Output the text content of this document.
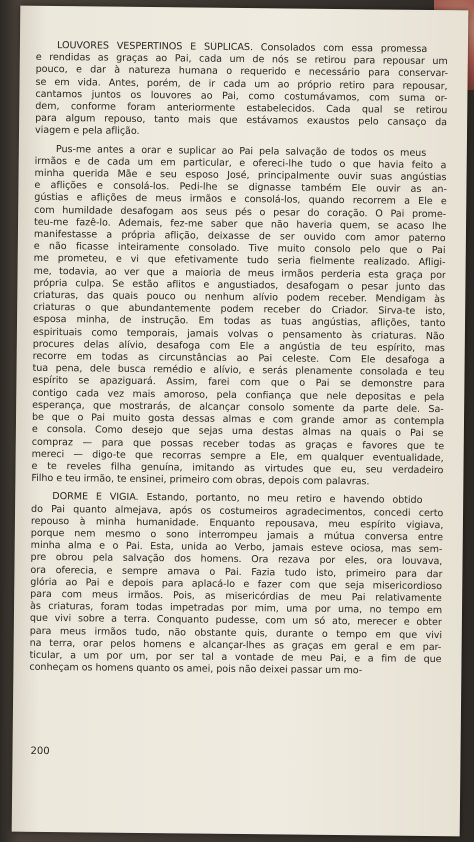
LOUVORES VESPERTINOS E SÚPLICAS. Consolados com essa promessa
e rendidas as graças ao Pai, cada um de nós se retirou para repousar um
pouco, e dar à natureza humana o requerido e necessário para conservar-
se em vida. Antes, porém, de ir cada um ao próprio retiro para repousar,
cantamos juntos os louvores ao Pai, como costumávamos, com suma or-
dem, conforme foram anteriormente estabelecidos. Cada qual se retirou
para algum repouso, tanto mais que estávamos exaustos pelo cansaço da
viagem e pela aflição.
Pus-me antes a orar e suplicar ao Pai pela salvação de todos os meus
irmãos e de cada um em particular, e ofereci-lhe tudo o que havia feito a
minha querida Mãe e seu esposo José, principalmente ouvir suas angústias
e aflições e consolá-los. Pedi-lhe se dignasse também Ele ouvir as an-
gústias e aflições de meus irmãos e consolá-los, quando recorrem a Ele e
com humildade desafogam aos seus pés o pesar do coração. O Pai prome-
teu-me fazê-lo. Ademais, fez-me saber que não haveria quem, se acaso lhe
manifestasse a própria aflição, deixasse de ser ouvido com amor paterno
e não ficasse inteiramente consolado. Tive muito consolo pelo que o Pai
me prometeu, e vi que efetivamente tudo seria fielmente realizado. Afligi-
me, todavia, ao ver que a maioria de meus irmãos perderia esta graça por
própria culpa. Se estão aflitos e angustiados, desafogam o pesar junto das
criaturas, das quais pouco ou nenhum alívio podem receber. Mendigam às
criaturas o que abundantemente podem receber do Criador. Sirva-te isto,
esposa minha, de instrução. Em todas as tuas angústias, aflições, tanto
espirituais como temporais, jamais volvas o pensamento às criaturas. Não
procures delas alívio, desafoga com Ele a angústia de teu espírito, mas
recorre em todas as circunstâncias ao Pai celeste. Com Ele desafoga a
tua pena, dele busca remédio e alívio, e serás plenamente consolada e teu
espírito se apaziguará. Assim, farei com que o Pai se demonstre para
contigo cada vez mais amoroso, pela confiança que nele depositas e pela
esperança, que mostrarás, de alcançar consolo somente da parte dele. Sa-
be que o Pai muito gosta dessas almas e com grande amor as contempla
e consola. Como desejo que sejas uma destas almas na quais o Pai se
compraz — para que possas receber todas as graças e favores que te
mereci — digo-te que recorras sempre a Ele, em qualquer eventualidade,
e te reveles filha genuína, imitando as virtudes que eu, seu verdadeiro
Filho e teu irmão, te ensinei, primeiro com obras, depois com palavras.
DORME E VIGIA. Estando, portanto, no meu retiro e havendo obtido
do Pai quanto almejava, após os costumeiros agradecimentos, concedi certo
repouso à minha humanidade. Enquanto repousava, meu espírito vigiava,
porque nem mesmo o sono interrompeu jamais a mútua conversa entre
minha alma e o Pai. Esta, unida ao Verbo, jamais esteve ociosa, mas sem-
pre obrou pela salvação dos homens. Ora rezava por eles, ora louvava,
ora oferecia, e sempre amava o Pai. Fazia tudo isto, primeiro para dar
glória ao Pai e depois para aplacá-lo e fazer com que seja misericordioso
para com meus irmãos. Pois, as misericórdias de meu Pai relativamente
às criaturas, foram todas impetradas por mim, uma por uma, no tempo em
que vivi sobre a terra. Conquanto pudesse, com um só ato, merecer e obter
para meus irmãos tudo, não obstante quis, durante o tempo em que vivi
na terra, orar pelos homens e alcançar-lhes as graças em geral e em par-
ticular, a um por um, por ser tal a vontade de meu Pai, e a fim de que
conheçam os homens quanto os amei, pois não deixei passar um mo-
200
